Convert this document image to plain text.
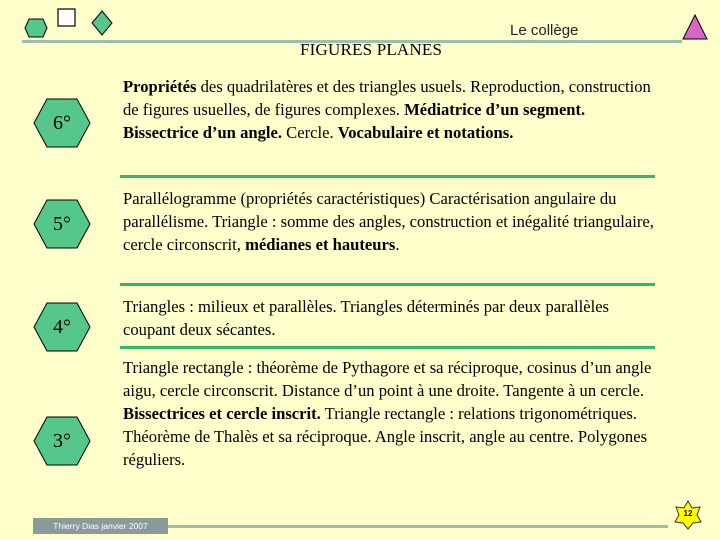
Le collège
FIGURES PLANES
6°
Propriétés des quadrilatères et des triangles usuels. Reproduction, construction de figures usuelles, de figures complexes. Médiatrice d’un segment. Bissectrice d’un angle. Cercle. Vocabulaire et notations.
5°
Parallélogramme (propriétés caractéristiques) Caractérisation angulaire du parallélisme. Triangle : somme des angles, construction et inégalité triangulaire, cercle circonscrit, médianes et hauteurs.
4°
Triangles : milieux et parallèles. Triangles déterminés par deux parallèles coupant deux sécantes.
3°
Triangle rectangle : théorème de Pythagore et sa réciproque, cosinus d’un angle aigu, cercle circonscrit. Distance d’un point à une droite. Tangente à un cercle. Bissectrices et cercle inscrit. Triangle rectangle : relations trigonométriques. Théorème de Thalès et sa réciproque. Angle inscrit, angle au centre. Polygones réguliers.
Thierry Dias janvier 2007
12
